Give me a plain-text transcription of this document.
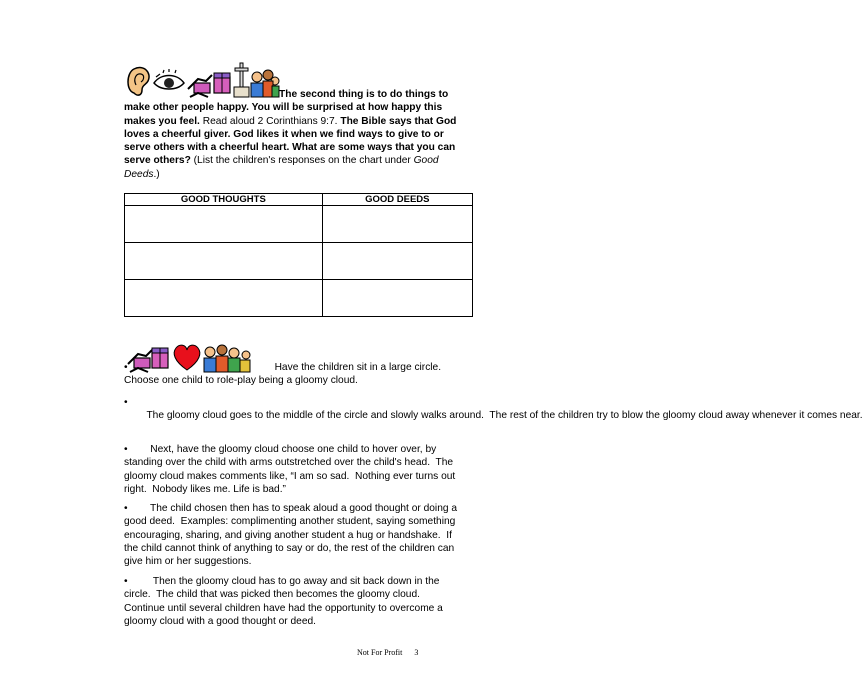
The second thing is to do things to make other people happy. You will be surprised at how happy this makes you feel. Read aloud 2 Corinthians 9:7. The Bible says that God loves a cheerful giver. God likes it when we find ways to give to or serve others with a cheerful heart. What are some ways that you can serve others? (List the children's responses on the chart under Good Deeds.)
GOOD THOUGHTS	GOOD DEEDS

•	Have the children sit in a large circle. Choose one child to role-play being a gloomy cloud.
•        The gloomy cloud goes to the middle of the circle and slowly walks around.  The rest of the children try to blow the gloomy cloud away whenever it comes near.
•        Next, have the gloomy cloud choose one child to hover over, by standing over the child with arms outstretched over the child's head.  The gloomy cloud makes comments like, “I am so sad.  Nothing ever turns out right.  Nobody likes me. Life is bad.”
•        The child chosen then has to speak aloud a good thought or doing a good deed.  Examples: complimenting another student, saying something encouraging, sharing, and giving another student a hug or handshake.  If the child cannot think of anything to say or do, the rest of the children can give him or her suggestions.
•         Then the gloomy cloud has to go away and sit back down in the circle.  The child that was picked then becomes the gloomy cloud.   Continue until several children have had the opportunity to overcome a gloomy cloud with a good thought or deed.
Not For Profit      3
